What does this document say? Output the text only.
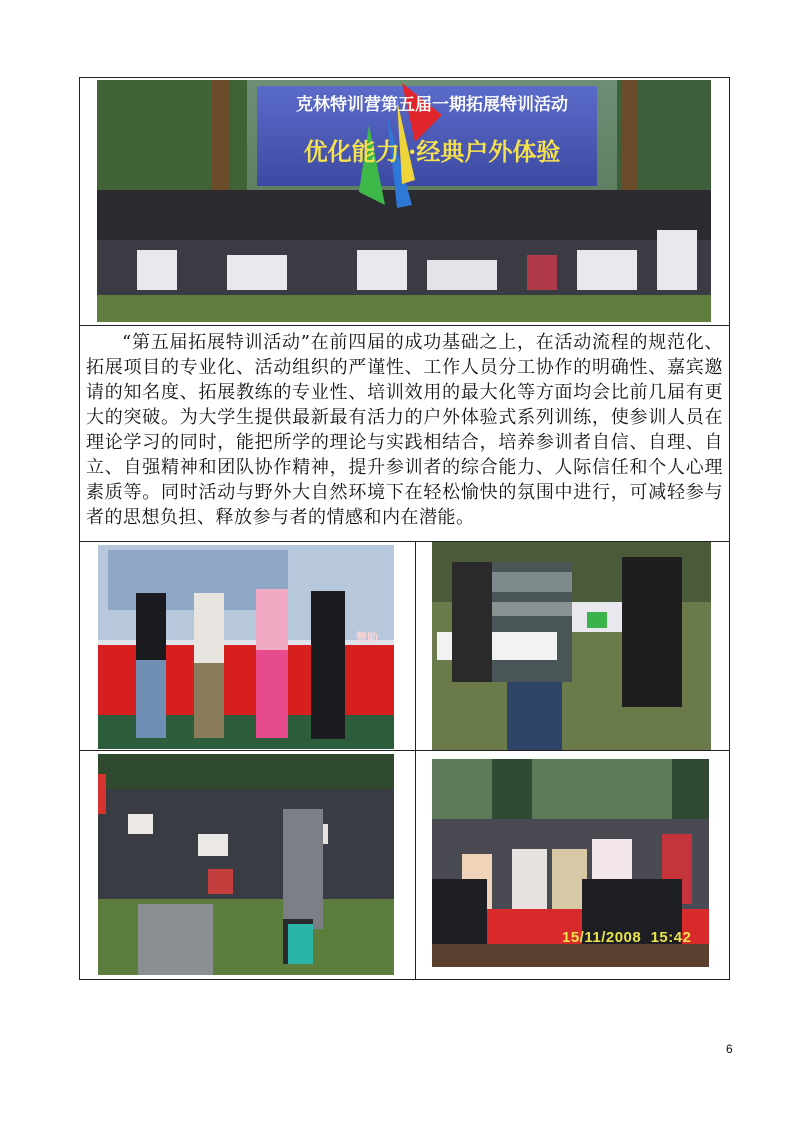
克林特训营第五届一期拓展特训活动
优化能力 ·经典户外体验

“第五届拓展特训活动”在前四届的成功基础之上，在活动流程的规范化、拓展项目的专业化、活动组织的严谨性、工作人员分工协作的明确性、嘉宾邀请的知名度、拓展教练的专业性、培训效用的最大化等方面均会比前几届有更大的突破。为大学生提供最新最有活力的户外体验式系列训练，使参训人员在理论学习的同时，能把所学的理论与实践相结合，培养参训者自信、自理、自立、自强精神和团队协作精神，提升参训者的综合能力、人际信任和个人心理素质等。同时活动与野外大自然环境下在轻松愉快的氛围中进行，可减轻参与者的思想负担、释放参与者的情感和内在潜能。

赞助
15/11/2008  15:42
6
